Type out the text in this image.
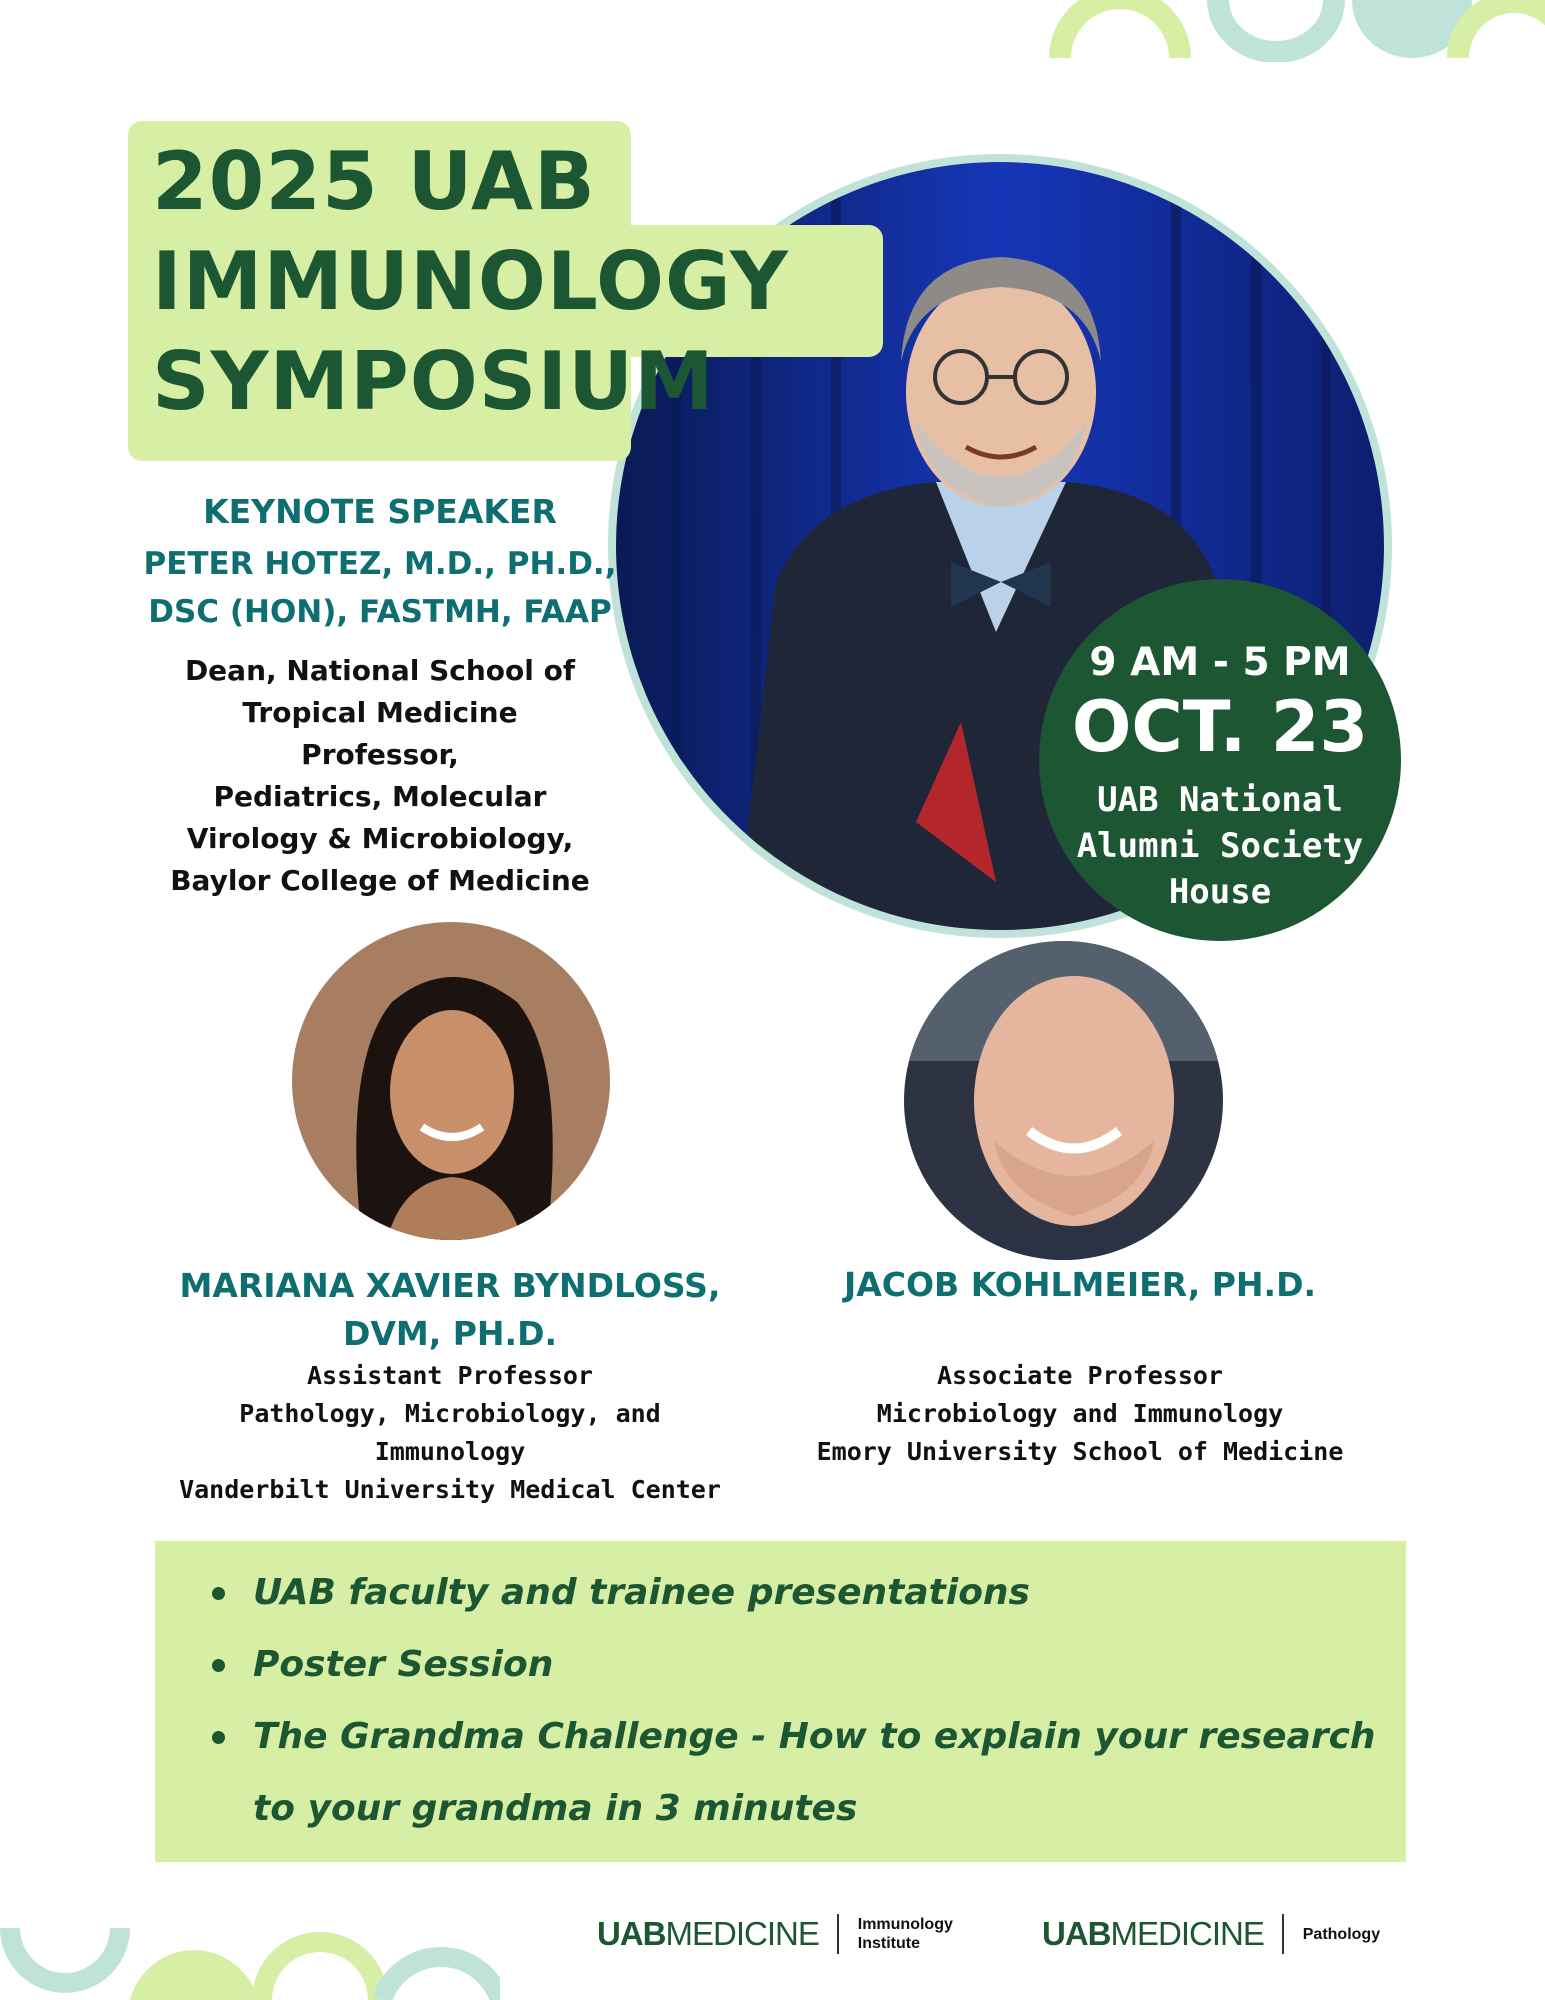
2025 UAB
IMMUNOLOGY
SYMPOSIUM
KEYNOTE SPEAKER
PETER HOTEZ, M.D., PH.D.,
DSC (HON), FASTMH, FAAP
Dean, National School of
Tropical Medicine
Professor,
Pediatrics, Molecular
Virology & Microbiology,
Baylor College of Medicine
9 AM - 5 PM
OCT. 23
UAB National
Alumni Society
House
MARIANA XAVIER BYNDLOSS,
DVM, PH.D.
Assistant Professor
Pathology, Microbiology, and
Immunology
Vanderbilt University Medical Center
JACOB KOHLMEIER, PH.D.
Associate Professor
Microbiology and Immunology
Emory University School of Medicine
UAB faculty and trainee presentations
Poster Session
The Grandma Challenge - How to explain your research
to your grandma in 3 minutes
UABMEDICINE Immunology
Institute	UABMEDICINE Pathology
